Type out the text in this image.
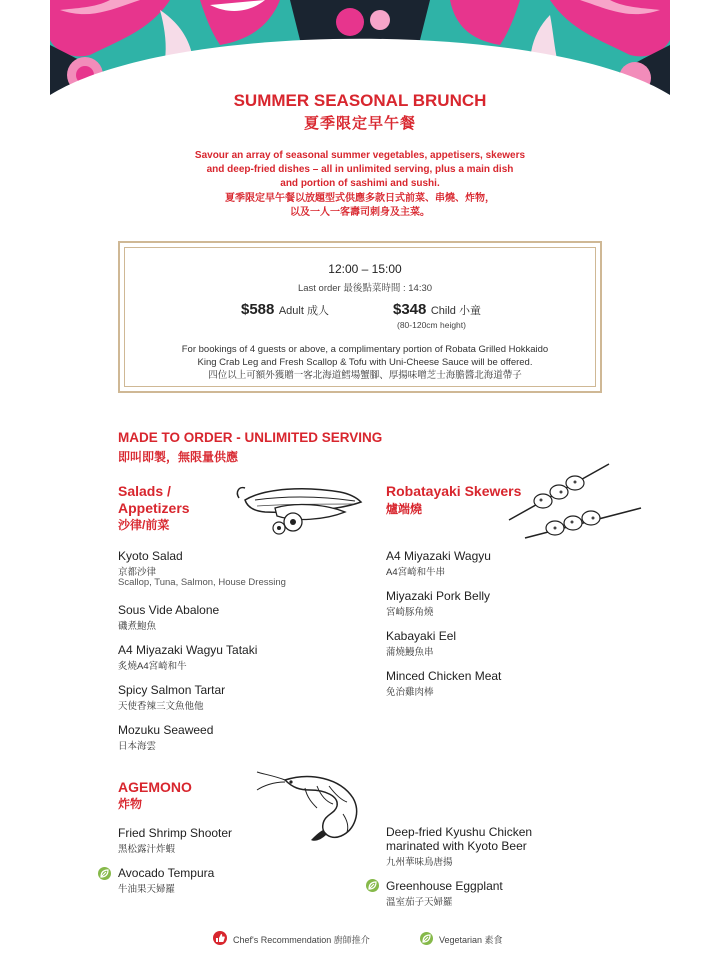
SUMMER SEASONAL BRUNCH
夏季限定早午餐
Savour an array of seasonal summer vegetables, appetisers, skewers
and deep-fried dishes – all in unlimited serving, plus a main dish
and portion of sashimi and sushi.
夏季限定早午餐以放題型式供應多款日式前菜、串燒、炸物，
以及一人一客壽司刺身及主菜。
12:00 – 15:00
Last order 最後點菜時間 : 14:30
$588 Adult 成人	$348 Child 小童
(80-120cm height)
For bookings of 4 guests or above, a complimentary portion of Robata Grilled Hokkaido
King Crab Leg and Fresh Scallop & Tofu with Uni-Cheese Sauce will be offered.
四位以上可額外獲贈一客北海道鱈場蟹腳、厚揚味噌芝士海膽醬北海道帶子
MADE TO ORDER - UNLIMITED SERVING
即叫即製，無限量供應
Salads /
Appetizers
沙律/前菜
Kyoto Salad
京都沙律
Scallop, Tuna, Salmon, House Dressing
Sous Vide Abalone
磯煮鮑魚
A4 Miyazaki Wagyu Tataki
炙燒A4宮崎和牛
Spicy Salmon Tartar
天使香辣三文魚他他
Mozuku Seaweed
日本海雲
Robatayaki Skewers
爐端燒
A4 Miyazaki Wagyu
A4宮崎和牛串
Miyazaki Pork Belly
宮崎豚角燒
Kabayaki Eel
蒲燒鰻魚串
Minced Chicken Meat
免治雞肉棒
AGEMONO
炸物
Fried Shrimp Shooter
黑松露汁炸蝦
Avocado Tempura
牛油果天婦羅
Deep-fried Kyushu Chicken
marinated with Kyoto Beer
九州華味鳥唐揚
Greenhouse Eggplant
溫室茄子天婦羅
Chef's Recommendation 廚師推介	Vegetarian 素食
